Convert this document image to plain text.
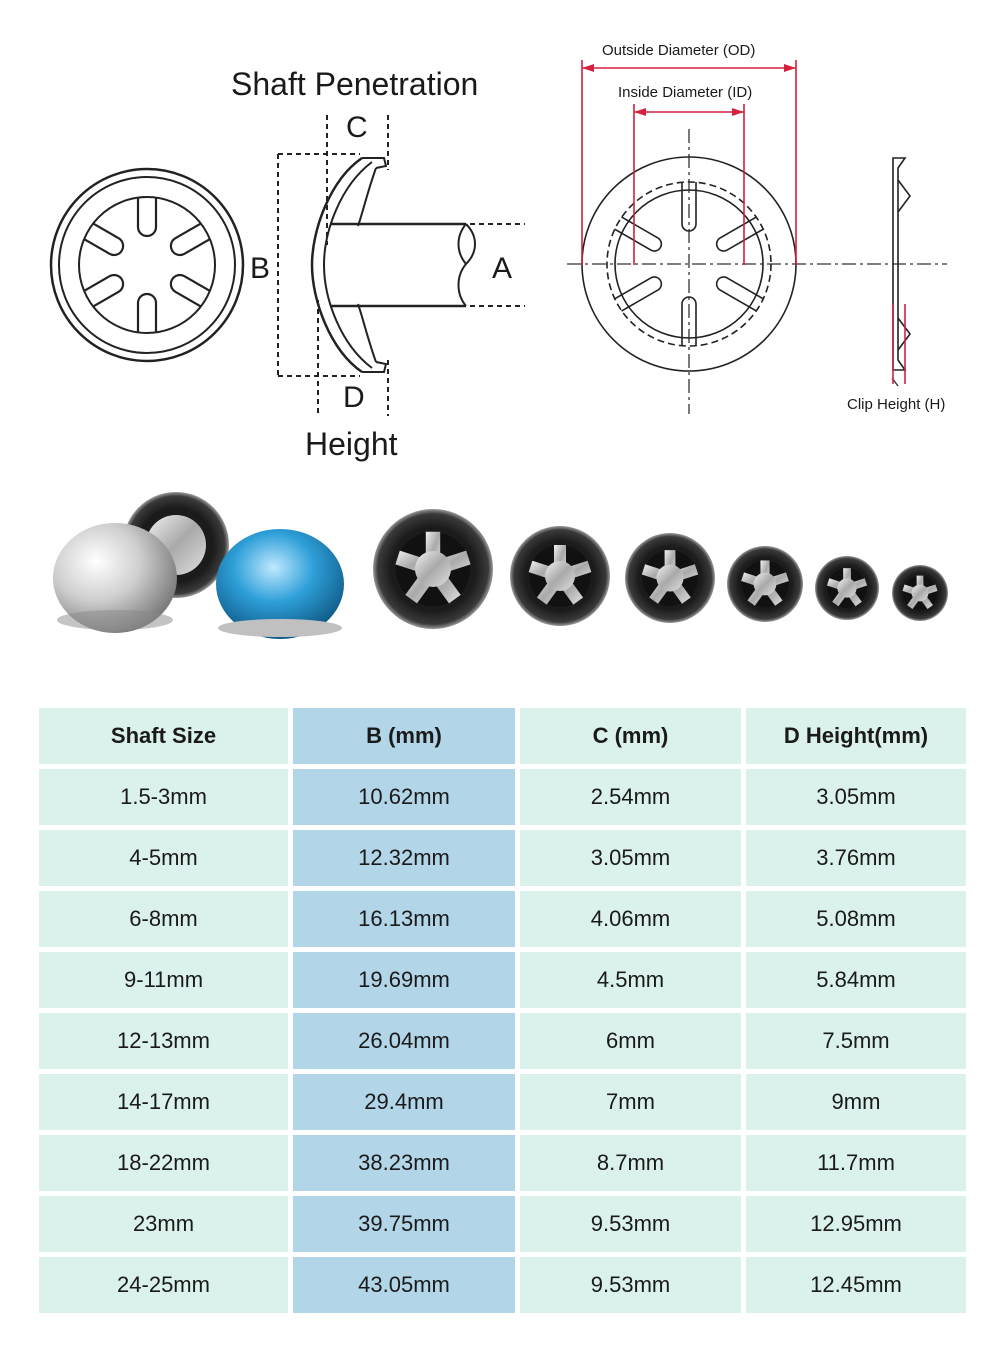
Shaft Penetration
C
B	A
D
Height
Outside Diameter (OD)
Inside Diameter (ID)
Clip Height (H)
Shaft Size	B (mm)	C (mm)	D Height(mm)
1.5-3mm	10.62mm	2.54mm	3.05mm
4-5mm	12.32mm	3.05mm	3.76mm
6-8mm	16.13mm	4.06mm	5.08mm
9-11mm	19.69mm	4.5mm	5.84mm
12-13mm	26.04mm	6mm	7.5mm
14-17mm	29.4mm	7mm	9mm
18-22mm	38.23mm	8.7mm	11.7mm
23mm	39.75mm	9.53mm	12.95mm
24-25mm	43.05mm	9.53mm	12.45mm
